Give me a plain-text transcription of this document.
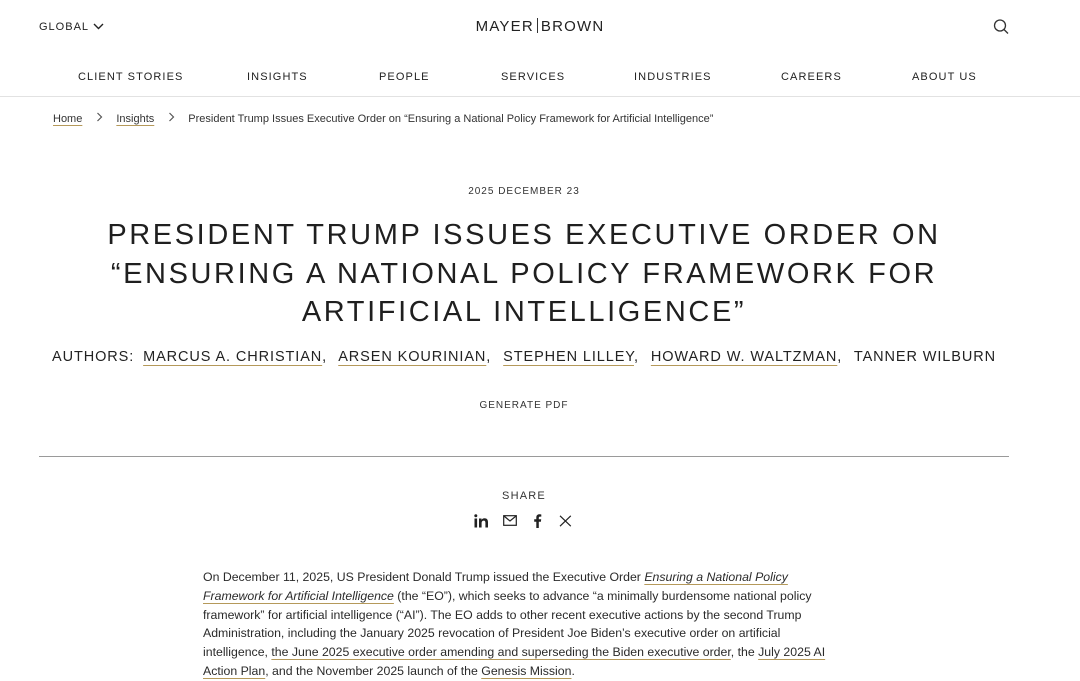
GLOBAL	MAYER BROWN
CLIENT STORIES	INSIGHTS	PEOPLE	SERVICES	INDUSTRIES	CAREERS	ABOUT US
Home	Insights	President Trump Issues Executive Order on “Ensuring a National Policy Framework for Artificial Intelligence”
2025 DECEMBER 23
PRESIDENT TRUMP ISSUES EXECUTIVE ORDER ON
“ENSURING A NATIONAL POLICY FRAMEWORK FOR
ARTIFICIAL INTELLIGENCE”
AUTHORS: MARCUS A. CHRISTIAN, ARSEN KOURINIAN, STEPHEN LILLEY, HOWARD W. WALTZMAN, TANNER WILBURN
GENERATE PDF
SHARE

On December 11, 2025, US President Donald Trump issued the Executive Order Ensuring a National Policy Framework for Artificial Intelligence (the “EO”), which seeks to advance “a minimally burdensome national policy framework” for artificial intelligence (“AI”). The EO adds to other recent executive actions by the second Trump Administration, including the January 2025 revocation of President Joe Biden’s executive order on artificial intelligence, the June 2025 executive order amending and superseding the Biden executive order, the July 2025 AI Action Plan, and the November 2025 launch of the Genesis Mission.
